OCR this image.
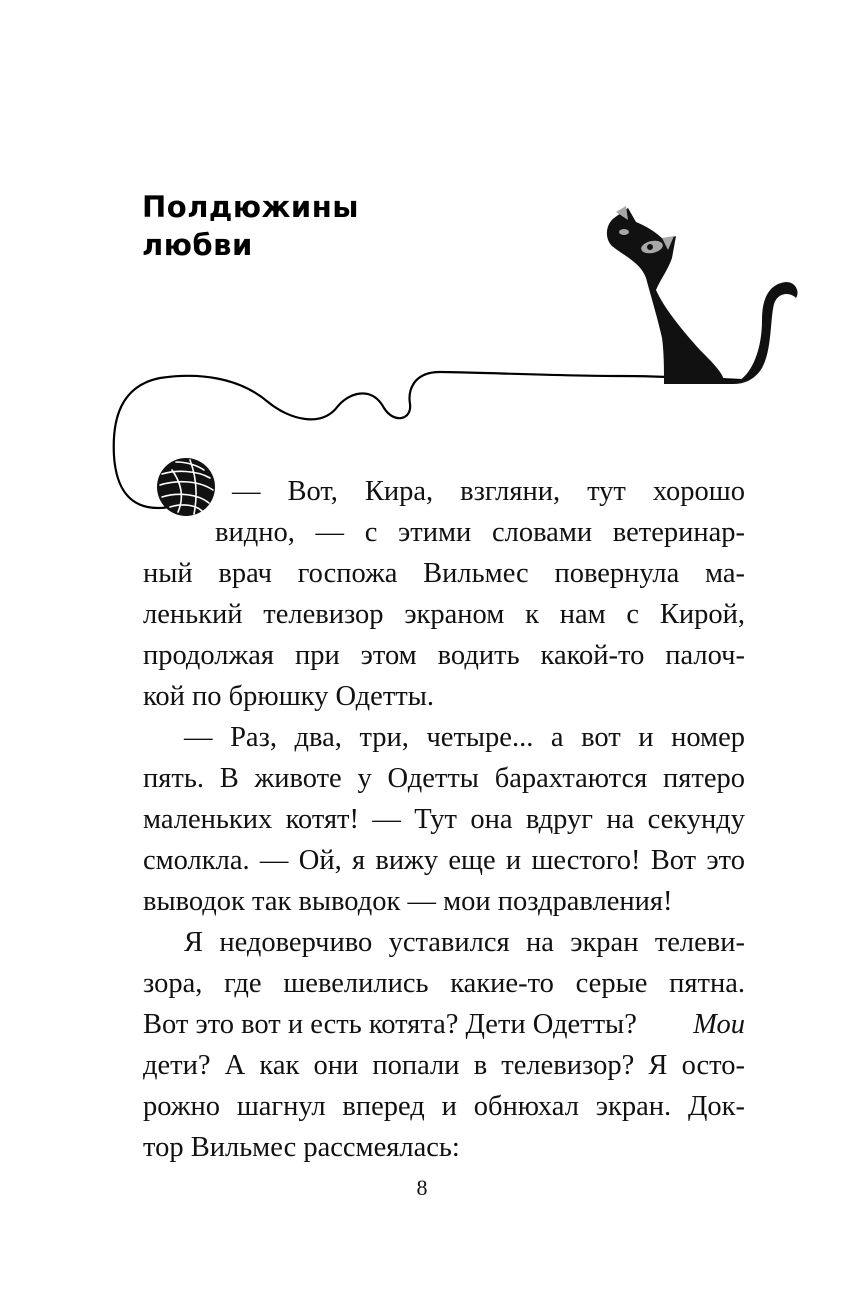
Полдюжины
любви
— Вот, Кира, взгляни, тут хорошо
видно, — с этими словами ветеринар-
ный врач госпожа Вильмес повернула ма-
ленький телевизор экраном к нам с Кирой,
продолжая при этом водить какой-то палоч-
кой по брюшку Одетты.
— Раз, два, три, четыре... а вот и номер
пять. В животе у Одетты барахтаются пятеро
маленьких котят! — Тут она вдруг на секунду
смолкла. — Ой, я вижу еще и шестого! Вот это
выводок так выводок — мои поздравления!
Я недоверчиво уставился на экран телеви-
зора, где шевелились какие-то серые пятна.
Вот это вот и есть котята? Дети Одетты? Мои
дети? А как они попали в телевизор? Я осто-
рожно шагнул вперед и обнюхал экран. Док-
тор Вильмес рассмеялась:
8
